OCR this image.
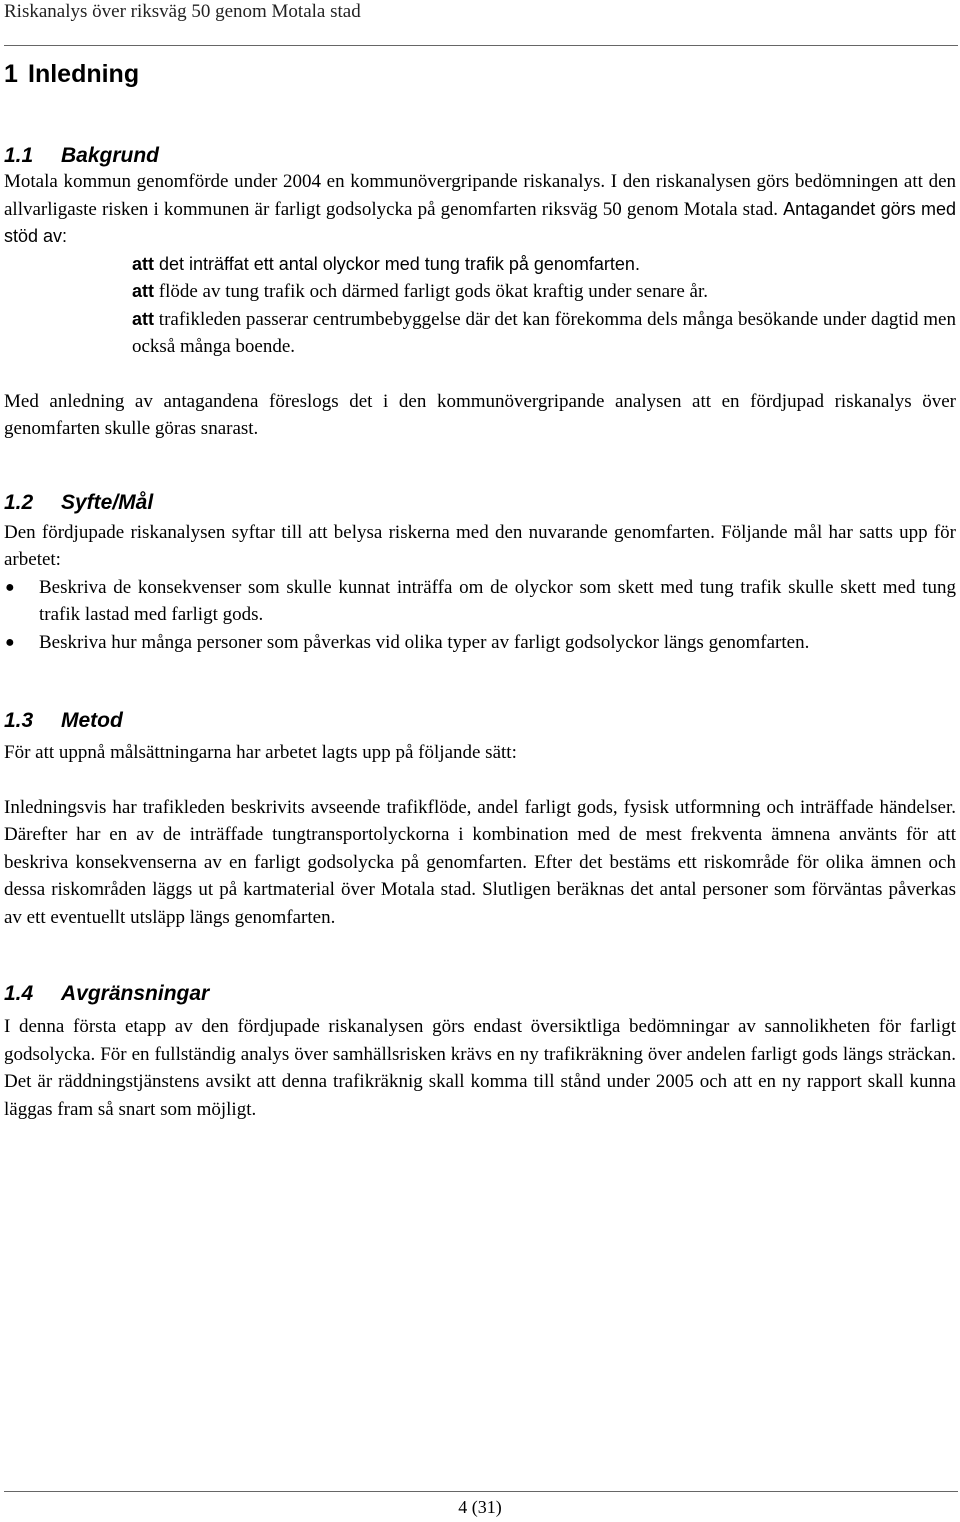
Riskanalys över riksväg 50 genom Motala stad
1 Inledning
1.1 Bakgrund

Motala kommun genomförde under 2004 en kommunövergripande riskanalys. I den riskanalysen görs bedömningen att den allvarligaste risken i kommunen är farligt godsolycka på genomfarten riksväg 50 genom Motala stad. Antagandet görs med stöd av:

att det inträffat ett antal olyckor med tung trafik på genomfarten.
att flöde av tung trafik och därmed farligt gods ökat kraftig under senare år.
att trafikleden passerar centrumbebyggelse där det kan förekomma dels många besökande under dagtid men också många boende.

Med anledning av antagandena föreslogs det i den kommunövergripande analysen att en fördjupad riskanalys över genomfarten skulle göras snarast.

1.2 Syfte/Mål

Den fördjupade riskanalysen syftar till att belysa riskerna med den nuvarande genomfarten. Följande mål har satts upp för arbetet:

● Beskriva de konsekvenser som skulle kunnat inträffa om de olyckor som skett med tung trafik skulle skett med tung trafik lastad med farligt gods.
● Beskriva hur många personer som påverkas vid olika typer av farligt godsolyckor längs genomfarten.
1.3 Metod

För att uppnå målsättningarna har arbetet lagts upp på följande sätt:

Inledningsvis har trafikleden beskrivits avseende trafikflöde, andel farligt gods, fysisk utformning och inträffade händelser. Därefter har en av de inträffade tungtransportolyckorna i kombination med de mest frekventa ämnena använts för att beskriva konsekvenserna av en farligt godsolycka på genomfarten. Efter det bestäms ett riskområde för olika ämnen och dessa riskområden läggs ut på kartmaterial över Motala stad. Slutligen beräknas det antal personer som förväntas påverkas av ett eventuellt utsläpp längs genomfarten.

1.4 Avgränsningar

I denna första etapp av den fördjupade riskanalysen görs endast översiktliga bedömningar av sannolikheten för farligt godsolycka. För en fullständig analys över samhällsrisken krävs en ny trafikräkning över andelen farligt gods längs sträckan. Det är räddningstjänstens avsikt att denna trafikräknig skall komma till stånd under 2005 och att en ny rapport skall kunna läggas fram så snart som möjligt.

4 (31)
